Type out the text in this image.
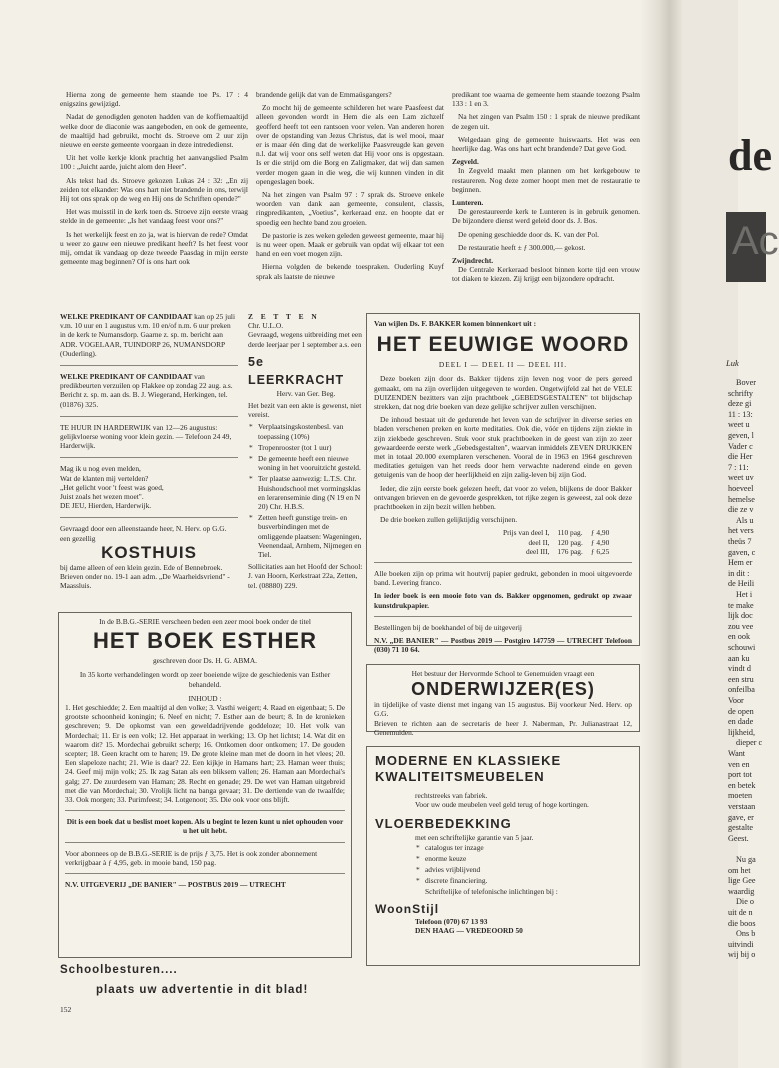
Hierna zong de gemeente hem staande toe Ps. 17 : 4 enigszins gewijzigd.

Nadat de genodigden genoten hadden van de koffiemaaltijd welke door de diaconie was aangeboden, en ook de gemeente, de maaltijd had gebruikt, mocht ds. Stroeve om 2 uur zijn nieuwe en eerste gemeente voorgaan in deze intrededienst.

Uit het volle kerkje klonk prachtig het aanvangslied Psalm 100 : „Juicht aarde, juicht alom den Heer".

Als tekst had ds. Stroeve gekozen Lukas 24 : 32: „En zij zeiden tot elkander: Was ons hart niet brandende in ons, terwijl Hij tot ons sprak op de weg en Hij ons de Schriften opende?"

Het was muisstil in de kerk toen ds. Stroeve zijn eerste vraag stelde in de gemeente: „Is het vandaag feest voor ons?"

Is het werkelijk feest en zo ja, wat is hiervan de rede? Omdat u weer zo gauw een nieuwe predikant heeft? Is het feest voor mij, omdat ik vandaag op deze tweede Paasdag in mijn eerste gemeente mag beginnen? Of is ons hart ook

brandende gelijk dat van de Emmaüsgangers?

Zo mocht hij de gemeente schilderen het ware Paasfeest dat alleen gevonden wordt in Hem die als een Lam zichzelf geofferd heeft tot een rantsoen voor velen. Van anderen horen over de opstanding van Jezus Christus, dat is wel mooi, maar er is maar één ding dat de werkelijke Paasvreugde kan geven n.l. dat wij voor ons self weten dat Hij voor ons is opgestaan. Is er die strijd om die Borg en Zaligmaker, dat wij dan samen verder mogen gaan in die weg, die wij kunnen vinden in dit opengeslagen boek.

Na het zingen van Psalm 97 : 7 sprak ds. Stroeve enkele woorden van dank aan gemeente, consulent, classis, ringpredikanten, „Voetius", kerkeraad enz. en hoopte dat er spoedig een hechte band zou groeien.

De pastorie is zes weken geleden geweest gemeente, maar hij is nu weer open. Maak er gebruik van opdat wij elkaar tot een hand en een voet mogen zijn.

Hierna volgden de bekende toespraken. Ouderling Kuyf sprak als laatste de nieuwe

predikant toe waarna de gemeente hem staande toezong Psalm 133 : 1 en 3.

Na het zingen van Psalm 150 : 1 sprak de nieuwe predikant de zegen uit.

Welgedaan ging de gemeente huiswaarts. Het was een heerlijke dag. Was ons hart echt brandende? Dat geve God.

Zegveld.

In Zegveld maakt men plannen om het kerkgebouw te restaureren. Nog deze zomer hoopt men met de restauratie te beginnen.

Lunteren.

De gerestaureerde kerk te Lunteren is in gebruik genomen. De bijzondere dienst werd geleid door ds. J. Bos.

De opening geschiedde door ds. K. van der Pol.

De restauratie heeft ± ƒ 300.000,— gekost.

Zwijndrecht.

De Centrale Kerkeraad besloot binnen korte tijd een vrouw tot diaken te kiezen. Zij krijgt een bijzondere opdracht.

WELKE PREDIKANT OF CANDIDAAT kan op 25 juli v.m. 10 uur en 1 augustus v.m. 10 en/of n.m. 6 uur preken in de kerk te Numansdorp. Gaarne z. sp. m. bericht aan ADR. VOGELAAR, TUINDORP 26, NUMANSDORP (Ouderling).
WELKE PREDIKANT OF CANDIDAAT van predikbeurten verzuilen op Flakkee op zondag 22 aug. a.s. Bericht z. sp. m. aan ds. B. J. Wiegerand, Herkingen, tel. (01876) 325.
TE HUUR IN HARDERWIJK van 12—26 augustus: gelijkvloerse woning voor klein gezin. — Telefoon 24 49, Harderwijk.
Mag ik u nog even melden,
Wat de klanten mij vertelden?
„Het gelicht voor 't feest was goed,
Juist zoals het wezen moet".
DE JEU, Hierden, Harderwijk.
Gevraagd door een alleenstaande heer, N. Herv. op G.G. een gezellig
KOSTHUIS
bij dame alleen of een klein gezin. Ede of Bennebroek. Brieven onder no. 19-1 aan adm. „De Waarheidsvriend" - Maassluis.
Z E T T E N
Chr. U.L.O.
Gevraagd, wegens uitbreiding met een derde leerjaar per 1 september a.s. een
5e LEERKRACHT
Herv. van Ger. Beg.
Het bezit van een akte is gewenst, niet vereist.
* Verplaatsingskostenbesl. van toepassing (10%)
* Tropenrooster (tot 1 uur)
* De gemeente heeft een nieuwe woning in het vooruitzicht gesteld.
* Ter plaatse aanwezig: L.T.S. Chr. Huishoudschool met vormingsklas en lerarenseminie ding (N 19 en N 20) Chr. H.B.S.
* Zetten heeft gunstige trein- en busverbindingen met de omliggende plaatsen: Wageningen, Veenendaal, Arnhem, Nijmegen en Tiel.
Sollicitaties aan het Hoofd der School: J. van Hoorn, Kerkstraat 22a, Zetten, tel. (08880) 229.
In de B.B.G.-SERIE verscheen beden een zeer mooi boek onder de titel
HET BOEK ESTHER
geschreven door Ds. H. G. ABMA.
In 35 korte verhandelingen wordt op zeer boeiende wijze de geschiedenis van Esther behandeld.
INHOUD :
1. Het geschiedde; 2. Een maaltijd al den volke; 3. Vasthi weigert; 4. Raad en eigenbaat; 5. De grootste schoonheid koningin; 6. Neef en nicht; 7. Esther aan de beurt; 8. In de kronieken geschreven; 9. De opkomst van een geweldadrijvende goddeloze; 10. Het volk van Mordechai; 11. Er is een volk; 12. Het apparaat in werking; 13. Op het lichtst; 14. Wat dit en waarom dit? 15. Mordechai gebruikt scherp; 16. Ontkomen door ontkomen; 17. De gouden scepter; 18. Geen kracht om te haren; 19. De grote kleine man met de doorn in het vlees; 20. Een slapeloze nacht; 21. Wie is daar? 22. Een kijkje in Hamans hart; 23. Haman weer thuis; 24. Geef mij mijn volk; 25. Ik zag Satan als een bliksem vallen; 26. Haman aan Mordechai's galg; 27. De zuurdesem van Haman; 28. Recht en genade; 29. De wet van Haman uitgebreid met die van Mordechai; 30. Vrolijk licht na banga gevaar; 31. De dertiende van de twaalfde; 33. Ook morgen; 33. Purimfeest; 34. Lotgenoot; 35. Die ook voor ons blijft.
Dit is een boek dat u beslist moet kopen. Als u begint te lezen kunt u niet ophouden voor u het uit hebt.
Voor abonnees op de B.B.G.-SERIE is de prijs ƒ 3,75. Het is ook zonder abonnement verkrijgbaar à ƒ 4,95, geb. in mooie band, 150 pag.
N.V. UITGEVERIJ „DE BANIER" — POSTBUS 2019 — UTRECHT
Schoolbesturen....
plaats uw advertentie in dit blad!
152
Van wijlen Ds. F. BAKKER komen binnenkort uit :
HET EEUWIGE WOORD
DEEL I — DEEL II — DEEL III.

Deze boeken zijn door ds. Bakker tijdens zijn leven nog voor de pers gereed gemaakt, om na zijn overlijden uitgegeven te worden. Ongetwijfeld zal het de VELE DUIZENDEN bezitters van zijn prachtboek „GEBEDSGESTALTEN" tot blijdschap strekken, dat nog drie boeken van deze gelijke schrijver zullen verschijnen.

De inhoud bestaat uit de gedurende het leven van de schrijver in diverse series en bladen verschenen preken en korte meditaties. Ook die, vóór en tijdens zijn ziekte in zijn ziekbede geschreven. Stuk voor stuk prachtboeken in de geest van zijn zo zeer gewaardeerde eerste werk „Gebedsgestalten", waarvan inmiddels ZEVEN DRUKKEN met in totaal 20.000 exemplaren verschenen. Vooral de in 1963 en 1964 geschreven meditaties getuigen van het reeds door hem verwachte naderend einde en geven getuigenis van de hoop der heerlijkheid en zijn zalig-leven bij zijn God.

Ieder, die zijn eerste boek gelezen heeft, dat voor zo velen, blijkens de door Bakker ontvangen brieven en de gevoerde gesprekken, tot rijke zegen is geweest, zal ook deze prachtboeken in zijn bezit willen hebben.

De drie boeken zullen gelijktijdig verschijnen.

Prijs van deel I,	110 pag.	ƒ 4,90
deel II,	120 pag.	ƒ 4,90
deel III,	176 pag.	ƒ 6,25

Alle boeken zijn op prima wit houtvrij papier gedrukt, gebonden in mooi uitgevoerde band. Levering franco.

In ieder boek is een mooie foto van ds. Bakker opgenomen, gedrukt op zwaar kunstdrukpapier.

Bestellingen bij de boekhandel of bij de uitgeverij

N.V. „DE BANIER" — Postbus 2019 — Postgiro 147759 — UTRECHT Telefoon (030) 71 10 64.

Het bestuur der Hervormde School te Genemuiden vraagt een
ONDERWIJZER(ES)
in tijdelijke of vaste dienst met ingang van 15 augustus. Bij voorkeur Ned. Herv. op G.G.
Brieven te richten aan de secretaris de heer J. Naberman, Pr. Julianastraat 12, Genemuiden.
MODERNE EN KLASSIEKE KWALITEITSMEUBELEN
rechtstreeks van fabriek.
Voor uw oude meubelen veel geld terug of hoge kortingen.
VLOERBEDEKKING
met een schriftelijke garantie van 5 jaar.
* catalogus ter inzage
* enorme keuze
* advies vrijblijvend
* discrete financiering.
Schriftelijke of telefonische inlichtingen bij :
WoonStijl
Telefoon (070) 67 13 93
DEN HAAG — VREDEOORD 50
de
Ac
Luk
Bover
schrifty
deze gi
11 : 13:
weet u
geven, l
Vader c
die Her
7 : 11:
weet uv
hoeveel
hemelse
die ze v
Als u
het vers
theüs 7
gaven, c
Hem er
in dit :
de Heili
Het i
te make
lijk doc
zou vee
en ook
schouwi
aan ku
vindt d
een stru
onfeilba
Voor
de open
en dade
lijkheid,
dieper c
Want
ven en
port tot
en betek
moeten
verstaan
gave, er
gestalte
Geest.
Nu ga
om het
lige Gee
waardig
Die o
uit de n
die boos
Ons b
uitvindi
wij bij o
